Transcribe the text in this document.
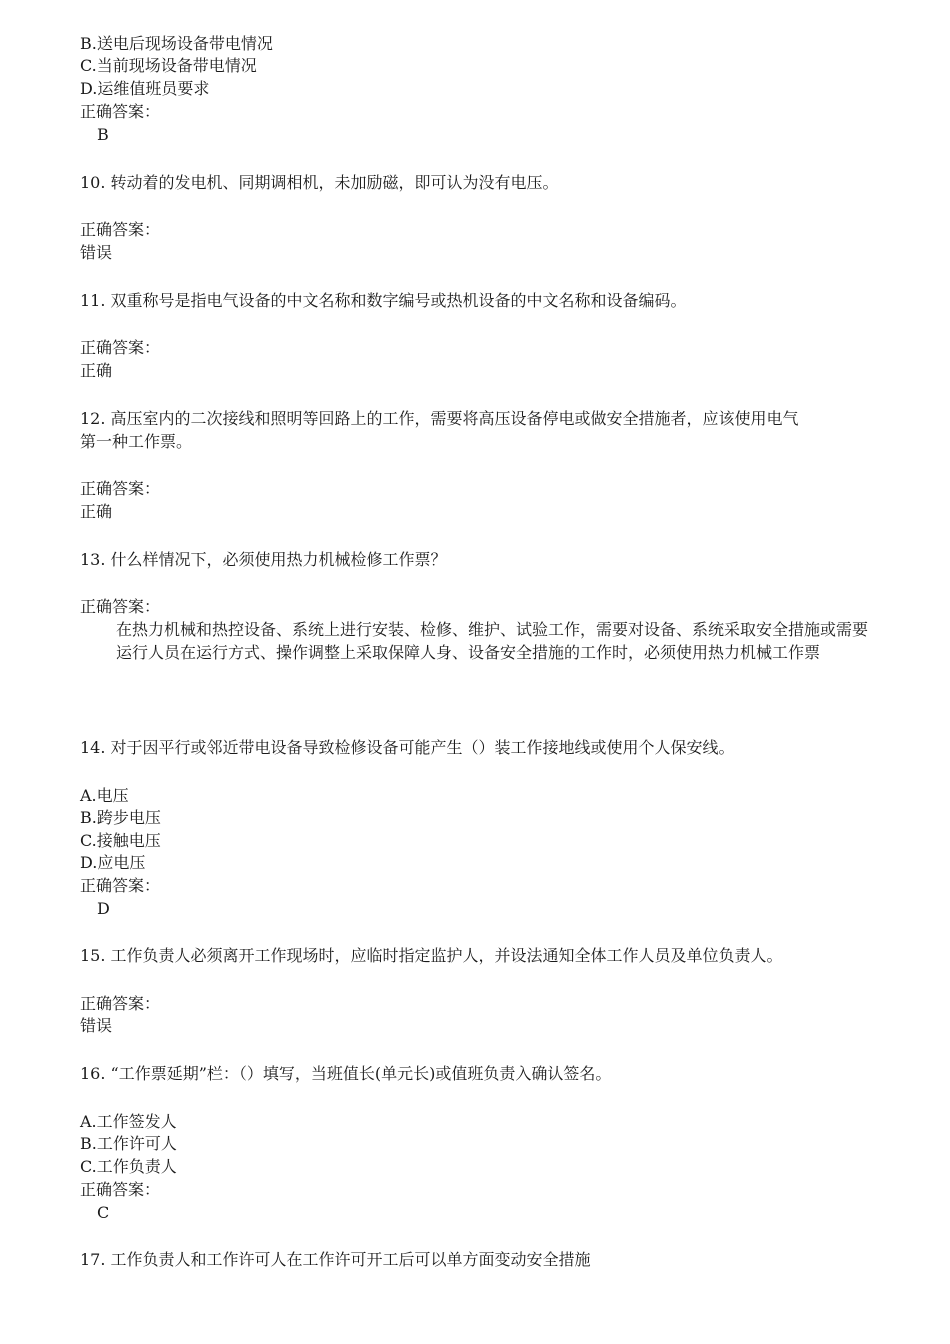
B.送电后现场设备带电情况
C.当前现场设备带电情况
D.运维值班员要求
正确答案：
B
10. 转动着的发电机、同期调相机，未加励磁，即可认为没有电压。
正确答案：
错误
11. 双重称号是指电气设备的中文名称和数字编号或热机设备的中文名称和设备编码。
正确答案：
正确
12. 高压室内的二次接线和照明等回路上的工作，需要将高压设备停电或做安全措施者，应该使用电气
第一种工作票。
正确答案：
正确
13. 什么样情况下，必须使用热力机械检修工作票？
正确答案：
在热力机械和热控设备、系统上进行安装、检修、维护、试验工作，需要对设备、系统采取安全措施或需要运行人员在运行方式、操作调整上采取保障人身、设备安全措施的工作时，必须使用热力机械工作票
14. 对于因平行或邻近带电设备导致检修设备可能产生（）装工作接地线或使用个人保安线。
A.电压
B.跨步电压
C.接触电压
D.应电压
正确答案：
D
15. 工作负责人必须离开工作现场时，应临时指定监护人，并设法通知全体工作人员及单位负责人。
正确答案：
错误
16. “工作票延期”栏：（）填写，当班值长(单元长)或值班负责入确认签名。
A.工作签发人
B.工作许可人
C.工作负责人
正确答案：
C
17. 工作负责人和工作许可人在工作许可开工后可以单方面变动安全措施
